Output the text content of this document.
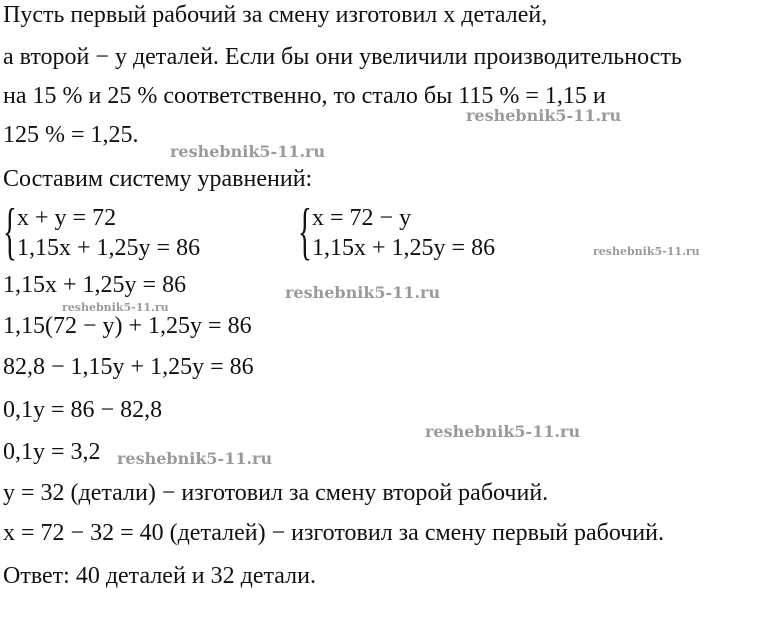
Пусть первый рабочий за смену изготовил x деталей,
а второй − y деталей. Если бы они увеличили производительность
на 15 % и 25 % соответственно, то стало бы 115 % = 1,15 и
125 % = 1,25.
Составим систему уравнений:
{ x + y = 72
1,15x + 1,25y = 86 { x = 72 − y
1,15x + 1,25y = 86
1,15x + 1,25y = 86
1,15(72 − y) + 1,25y = 86
82,8 − 1,15y + 1,25y = 86
0,1y = 86 − 82,8
0,1y = 3,2
y = 32 (детали) − изготовил за смену второй рабочий.
x = 72 − 32 = 40 (деталей) − изготовил за смену первый рабочий.
Ответ: 40 деталей и 32 детали.
reshebnik5-11.ru
reshebnik5-11.ru
reshebnik5-11.ru
reshebnik5-11.ru
reshebnik5-11.ru
reshebnik5-11.ru
reshebnik5-11.ru
